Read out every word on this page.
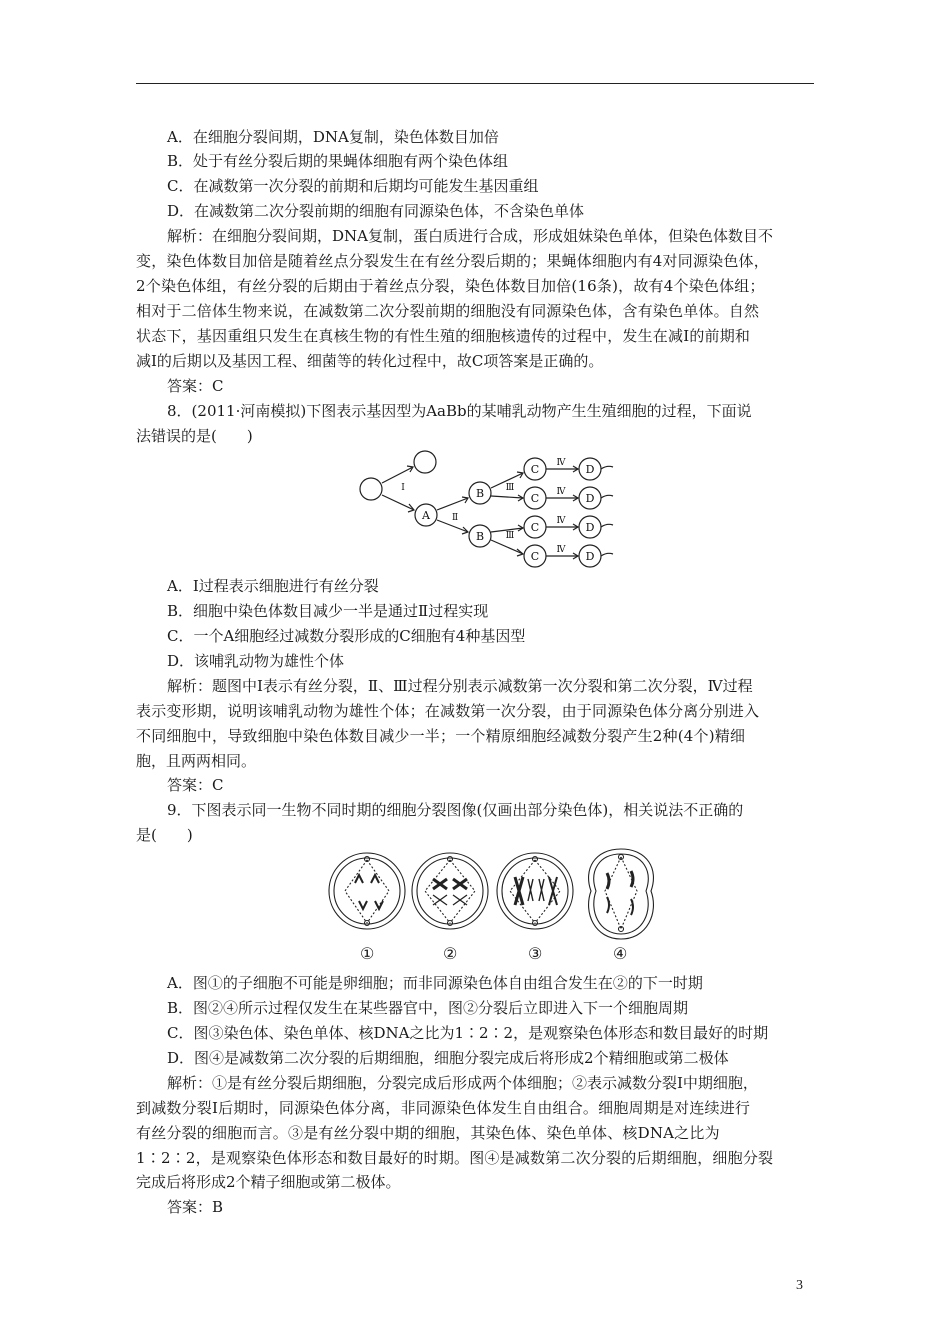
A．在细胞分裂间期，DNA复制，染色体数目加倍
B．处于有丝分裂后期的果蝇体细胞有两个染色体组
C．在减数第一次分裂的前期和后期均可能发生基因重组
D．在减数第二次分裂前期的细胞有同源染色体，不含染色单体
解析：在细胞分裂间期，DNA复制，蛋白质进行合成，形成姐妹染色单体，但染色体数目不
变，染色体数目加倍是随着丝点分裂发生在有丝分裂后期的；果蝇体细胞内有4对同源染色体，
2个染色体组，有丝分裂的后期由于着丝点分裂，染色体数目加倍(16条)，故有4个染色体组；
相对于二倍体生物来说，在减数第二次分裂前期的细胞没有同源染色体，含有染色单体。自然
状态下，基因重组只发生在真核生物的有性生殖的细胞核遗传的过程中，发生在减Ⅰ的前期和
减Ⅰ的后期以及基因工程、细菌等的转化过程中，故C项答案是正确的。
答案：C
8．(2011·河南模拟)下图表示基因型为AaBb的某哺乳动物产生生殖细胞的过程，下面说
法错误的是(　　)
A
B
B
C
C
C
C
D
D
D
D
Ⅰ
Ⅱ
Ⅲ
Ⅲ
Ⅳ
Ⅳ
Ⅳ
Ⅳ
A．Ⅰ过程表示细胞进行有丝分裂
B．细胞中染色体数目减少一半是通过Ⅱ过程实现
C．一个A细胞经过减数分裂形成的C细胞有4种基因型
D．该哺乳动物为雄性个体
解析：题图中Ⅰ表示有丝分裂，Ⅱ、Ⅲ过程分别表示减数第一次分裂和第二次分裂，Ⅳ过程
表示变形期，说明该哺乳动物为雄性个体；在减数第一次分裂，由于同源染色体分离分别进入
不同细胞中，导致细胞中染色体数目减少一半；一个精原细胞经减数分裂产生2种(4个)精细
胞，且两两相同。
答案：C
9．下图表示同一生物不同时期的细胞分裂图像(仅画出部分染色体)，相关说法不正确的
是(　　)
①	②	③	④
A．图①的子细胞不可能是卵细胞；而非同源染色体自由组合发生在②的下一时期
B．图②④所示过程仅发生在某些器官中，图②分裂后立即进入下一个细胞周期
C．图③染色体、染色单体、核DNA之比为1∶2∶2，是观察染色体形态和数目最好的时期
D．图④是减数第二次分裂的后期细胞，细胞分裂完成后将形成2个精细胞或第二极体
解析：①是有丝分裂后期细胞，分裂完成后形成两个体细胞；②表示减数分裂Ⅰ中期细胞，
到减数分裂Ⅰ后期时，同源染色体分离，非同源染色体发生自由组合。细胞周期是对连续进行
有丝分裂的细胞而言。③是有丝分裂中期的细胞，其染色体、染色单体、核DNA之比为
1∶2∶2，是观察染色体形态和数目最好的时期。图④是减数第二次分裂的后期细胞，细胞分裂
完成后将形成2个精子细胞或第二极体。
答案：B
3
